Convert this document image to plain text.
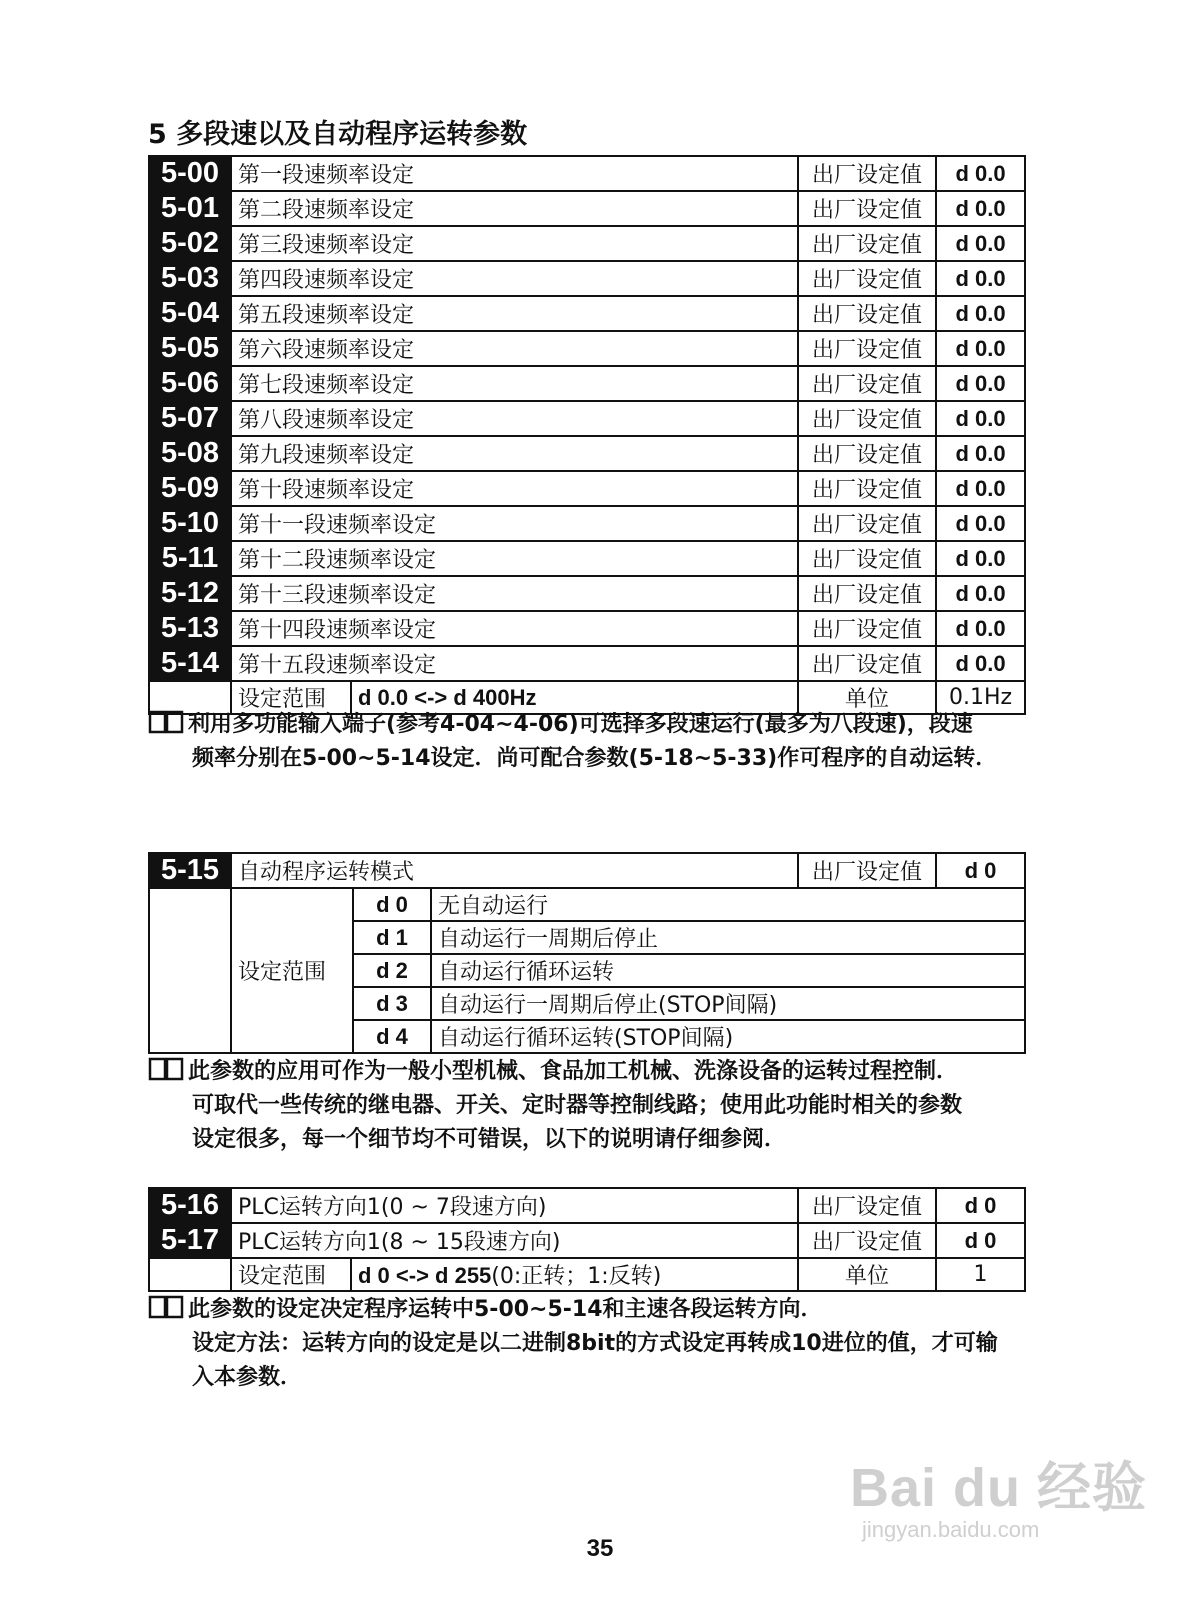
5 多段速以及自动程序运转参数
5-00	第一段速频率设定		出厂设定值	d 0.0
5-01	第二段速频率设定		出厂设定值	d 0.0
5-02	第三段速频率设定		出厂设定值	d 0.0
5-03	第四段速频率设定		出厂设定值	d 0.0
5-04	第五段速频率设定		出厂设定值	d 0.0
5-05	第六段速频率设定		出厂设定值	d 0.0
5-06	第七段速频率设定		出厂设定值	d 0.0
5-07	第八段速频率设定		出厂设定值	d 0.0
5-08	第九段速频率设定		出厂设定值	d 0.0
5-09	第十段速频率设定		出厂设定值	d 0.0
5-10	第十一段速频率设定		出厂设定值	d 0.0
5-11	第十二段速频率设定		出厂设定值	d 0.0
5-12	第十三段速频率设定		出厂设定值	d 0.0
5-13	第十四段速频率设定		出厂设定值	d 0.0
5-14	第十五段速频率设定		出厂设定值	d 0.0
	设定范围	d 0.0 <-> d 400Hz	单位	0.1Hz
利用多功能输入端子(参考4-04~4-06)可选择多段速运行(最多为八段速)，段速
频率分别在5-00~5-14设定．尚可配合参数(5-18~5-33)作可程序的自动运转．
5-15	自动程序运转模式			出厂设定值	d 0
	设定范围	d 0	无自动运行		
		d 1	自动运行一周期后停止		
		d 2	自动运行循环运转		
		d 3	自动运行一周期后停止(STOP间隔)		
		d 4	自动运行循环运转(STOP间隔)		
此参数的应用可作为一般小型机械、食品加工机械、洗涤设备的运转过程控制．
可取代一些传统的继电器、开关、定时器等控制线路；使用此功能时相关的参数
设定很多，每一个细节均不可错误，以下的说明请仔细参阅．
5-16	PLC运转方向1(0 ~ 7段速方向)		出厂设定值	d 0
5-17	PLC运转方向1(8 ~ 15段速方向)		出厂设定值	d 0
	设定范围	d 0 <-> d 255(0:正转；1:反转)	单位	1
此参数的设定决定程序运转中5-00~5-14和主速各段运转方向．
设定方法：运转方向的设定是以二进制8bit的方式设定再转成10进位的值，才可输
入本参数．
Bai du 经验
jingyan.baidu.com
35
